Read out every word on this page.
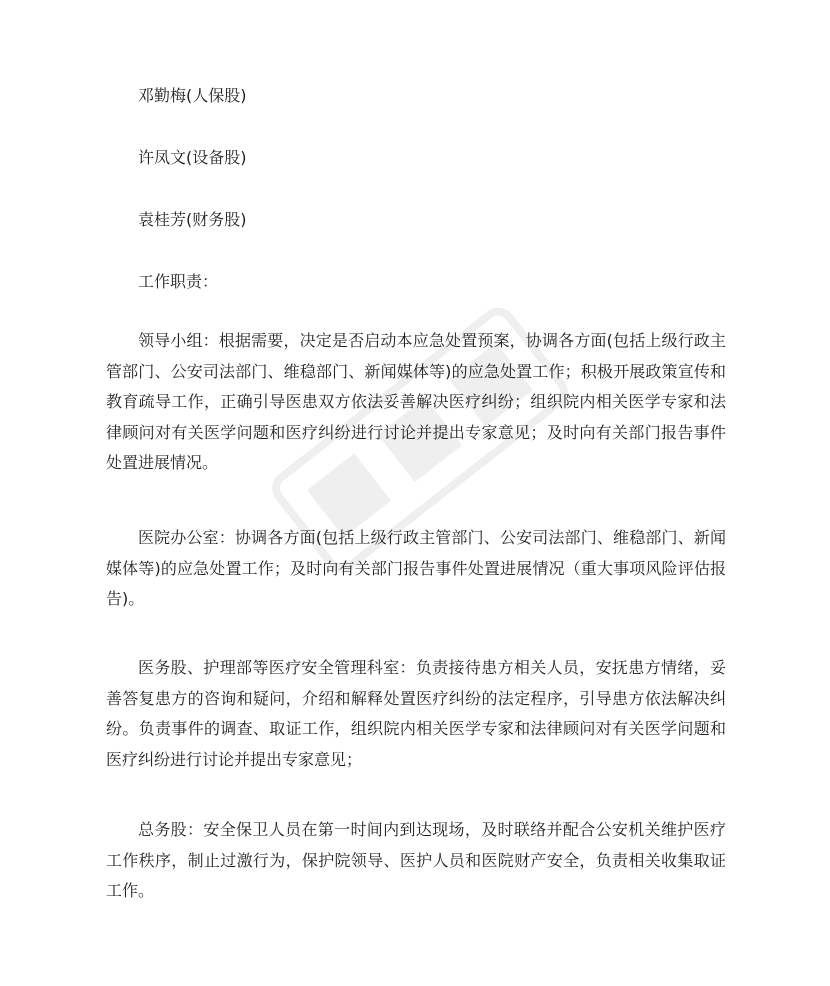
邓勤梅(人保股)
许凤文(设备股)
袁桂芳(财务股)
工作职责：

领导小组：根据需要，决定是否启动本应急处置预案，协调各方面(包括上级行政主管部门、公安司法部门、维稳部门、新闻媒体等)的应急处置工作；积极开展政策宣传和教育疏导工作，正确引导医患双方依法妥善解决医疗纠纷；组织院内相关医学专家和法律顾问对有关医学问题和医疗纠纷进行讨论并提出专家意见；及时向有关部门报告事件处置进展情况。

医院办公室：协调各方面(包括上级行政主管部门、公安司法部门、维稳部门、新闻媒体等)的应急处置工作；及时向有关部门报告事件处置进展情况（重大事项风险评估报告)。

医务股、护理部等医疗安全管理科室：负责接待患方相关人员，安抚患方情绪，妥善答复患方的咨询和疑问，介绍和解释处置医疗纠纷的法定程序，引导患方依法解决纠纷。负责事件的调查、取证工作，组织院内相关医学专家和法律顾问对有关医学问题和医疗纠纷进行讨论并提出专家意见；

总务股：安全保卫人员在第一时间内到达现场，及时联络并配合公安机关维护医疗工作秩序，制止过激行为，保护院领导、医护人员和医院财产安全，负责相关收集取证工作。
